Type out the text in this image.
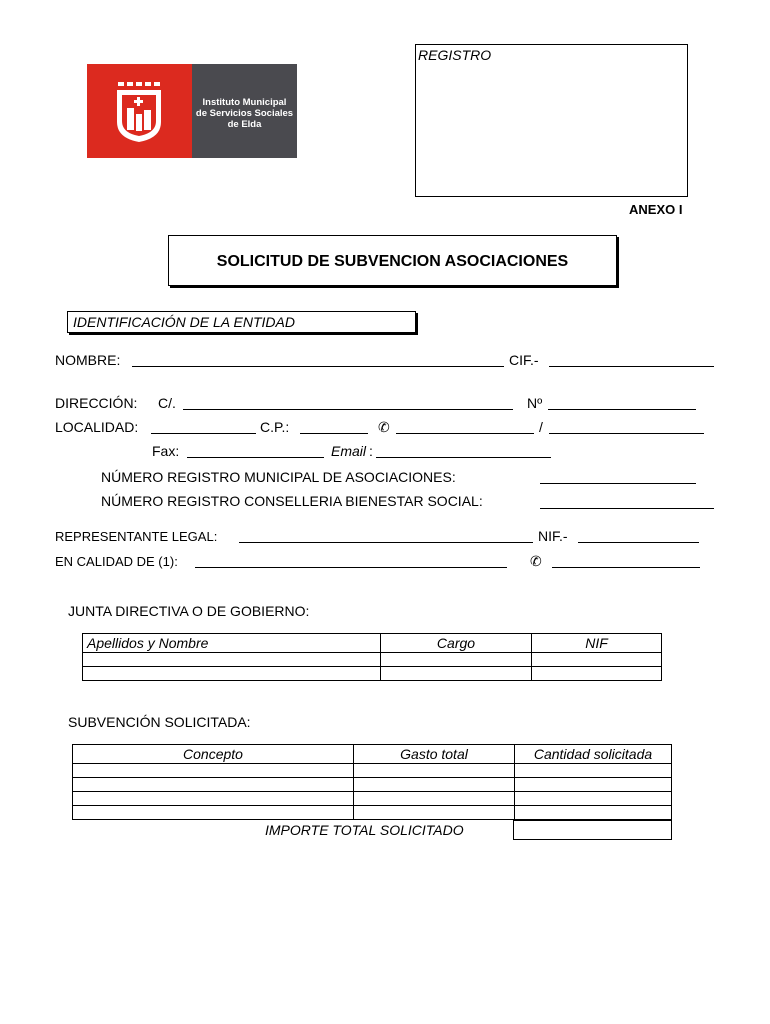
Instituto Municipal
de Servicios Sociales
de Elda
REGISTRO
ANEXO I
SOLICITUD DE SUBVENCION ASOCIACIONES
IDENTIFICACIÓN DE LA ENTIDAD
NOMBRE:	CIF.-
DIRECCIÓN: C/.	Nº
LOCALIDAD:	C.P.:	✆	/
Fax:	Email :
NÚMERO REGISTRO MUNICIPAL DE ASOCIACIONES:
NÚMERO REGISTRO CONSELLERIA BIENESTAR SOCIAL:
REPRESENTANTE LEGAL:	NIF.-
EN CALIDAD DE (1):	✆
JUNTA DIRECTIVA O DE GOBIERNO:
Apellidos y Nombre	Cargo	NIF

SUBVENCIÓN SOLICITADA:
Concepto	Gasto total	Cantidad solicitada

IMPORTE TOTAL SOLICITADO
